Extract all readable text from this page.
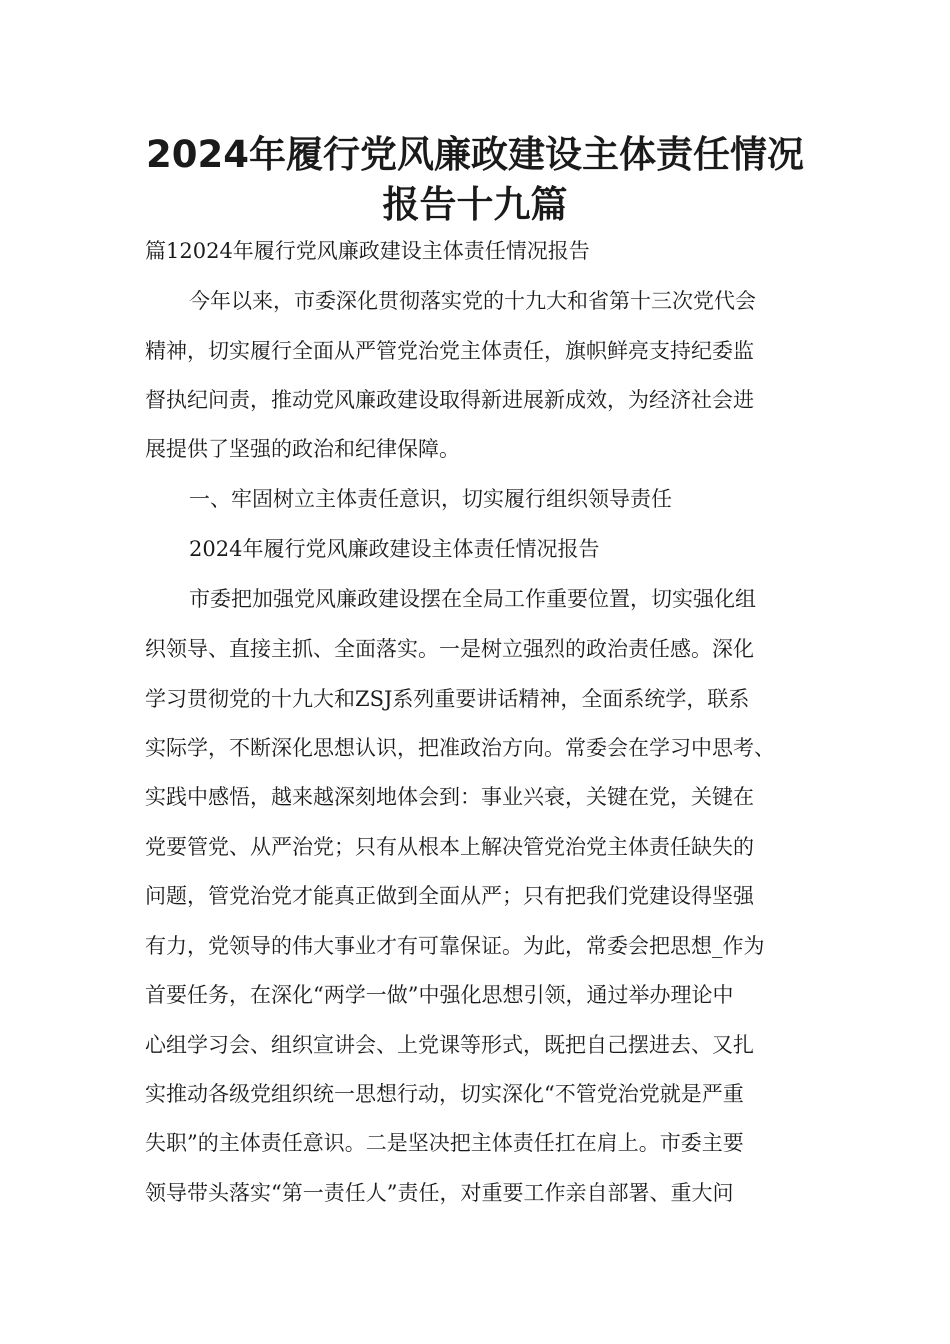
2024年履行党风廉政建设主体责任情况
报告十九篇

篇12024年履行党风廉政建设主体责任情况报告

今年以来，市委深化贯彻落实党的十九大和省第十三次党代会

精神，切实履行全面从严管党治党主体责任，旗帜鲜亮支持纪委监

督执纪问责，推动党风廉政建设取得新进展新成效，为经济社会进

展提供了坚强的政治和纪律保障。

一、牢固树立主体责任意识，切实履行组织领导责任

2024年履行党风廉政建设主体责任情况报告

市委把加强党风廉政建设摆在全局工作重要位置，切实强化组

织领导、直接主抓、全面落实。一是树立强烈的政治责任感。深化

学习贯彻党的十九大和ZSJ系列重要讲话精神，全面系统学，联系

实际学，不断深化思想认识，把准政治方向。常委会在学习中思考、

实践中感悟，越来越深刻地体会到：事业兴衰，关键在党，关键在

党要管党、从严治党；只有从根本上解决管党治党主体责任缺失的

问题，管党治党才能真正做到全面从严；只有把我们党建设得坚强

有力，党领导的伟大事业才有可靠保证。为此，常委会把思想_作为

首要任务，在深化“两学一做”中强化思想引领，通过举办理论中

心组学习会、组织宣讲会、上党课等形式，既把自己摆进去、又扎

实推动各级党组织统一思想行动，切实深化“不管党治党就是严重

失职”的主体责任意识。二是坚决把主体责任扛在肩上。市委主要

领导带头落实“第一责任人”责任，对重要工作亲自部署、重大问
